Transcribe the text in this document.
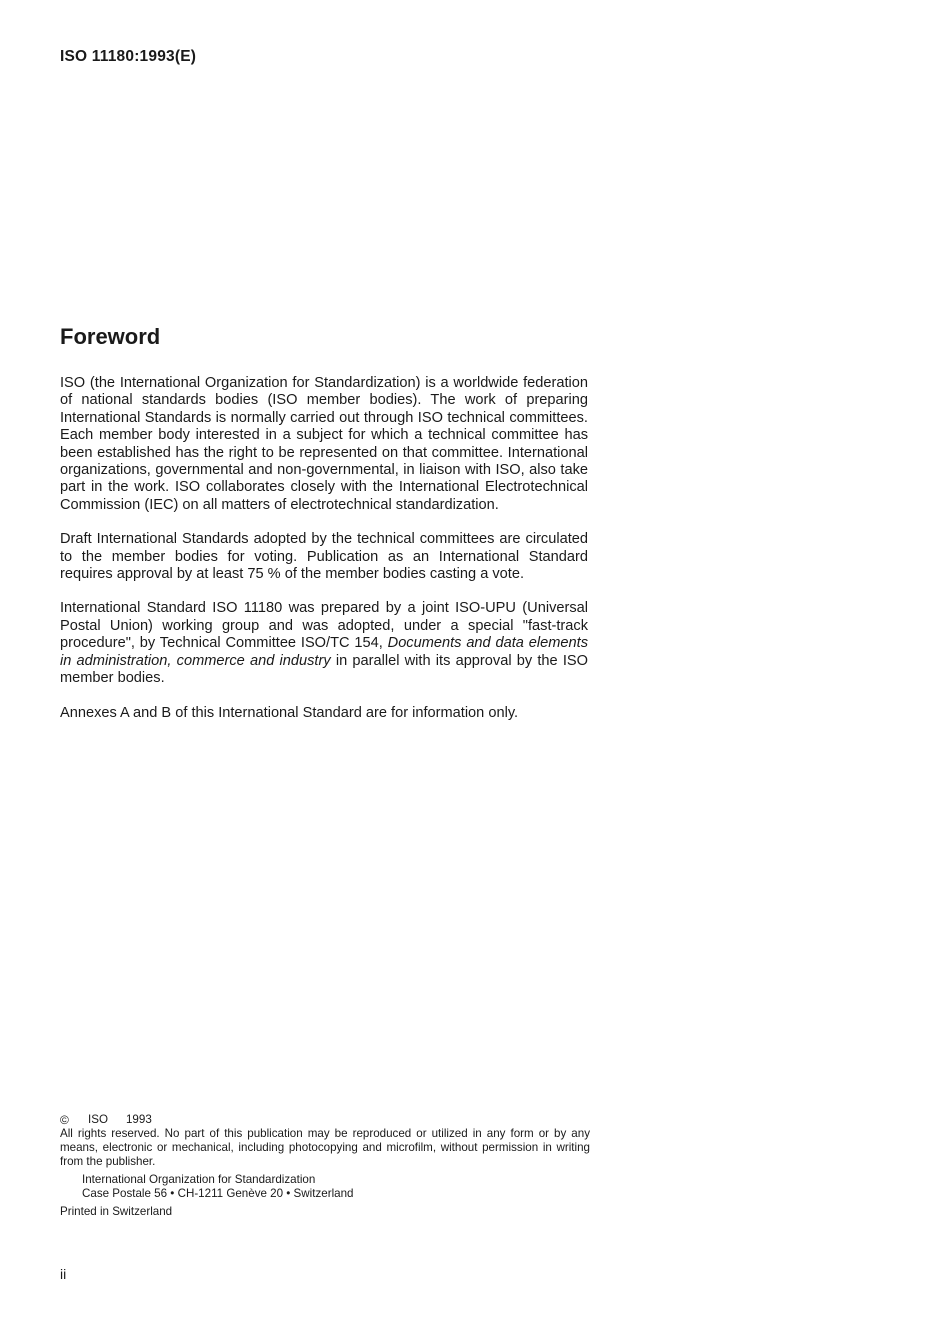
ISO 11180:1993(E)
Foreword

ISO (the International Organization for Standardization) is a worldwide federation of national standards bodies (ISO member bodies). The work of preparing International Standards is normally carried out through ISO technical committees. Each member body interested in a subject for which a technical committee has been established has the right to be represented on that committee. International organizations, governmental and non-governmental, in liaison with ISO, also take part in the work. ISO collaborates closely with the International Electrotechnical Commission (IEC) on all matters of electrotechnical standardization.

Draft International Standards adopted by the technical committees are circulated to the member bodies for voting. Publication as an International Standard requires approval by at least 75 % of the member bodies casting a vote.

International Standard ISO 11180 was prepared by a joint ISO-UPU (Universal Postal Union) working group and was adopted, under a special "fast-track procedure", by Technical Committee ISO/TC 154, Documents and data elements in administration, commerce and industry in parallel with its approval by the ISO member bodies.

Annexes A and B of this International Standard are for information only.

© ISO 1993

All rights reserved. No part of this publication may be reproduced or utilized in any form or by any means, electronic or mechanical, including photocopying and microfilm, without permission in writing from the publisher.

International Organization for Standardization
Case Postale 56 • CH-1211 Genève 20 • Switzerland
Printed in Switzerland
ii
